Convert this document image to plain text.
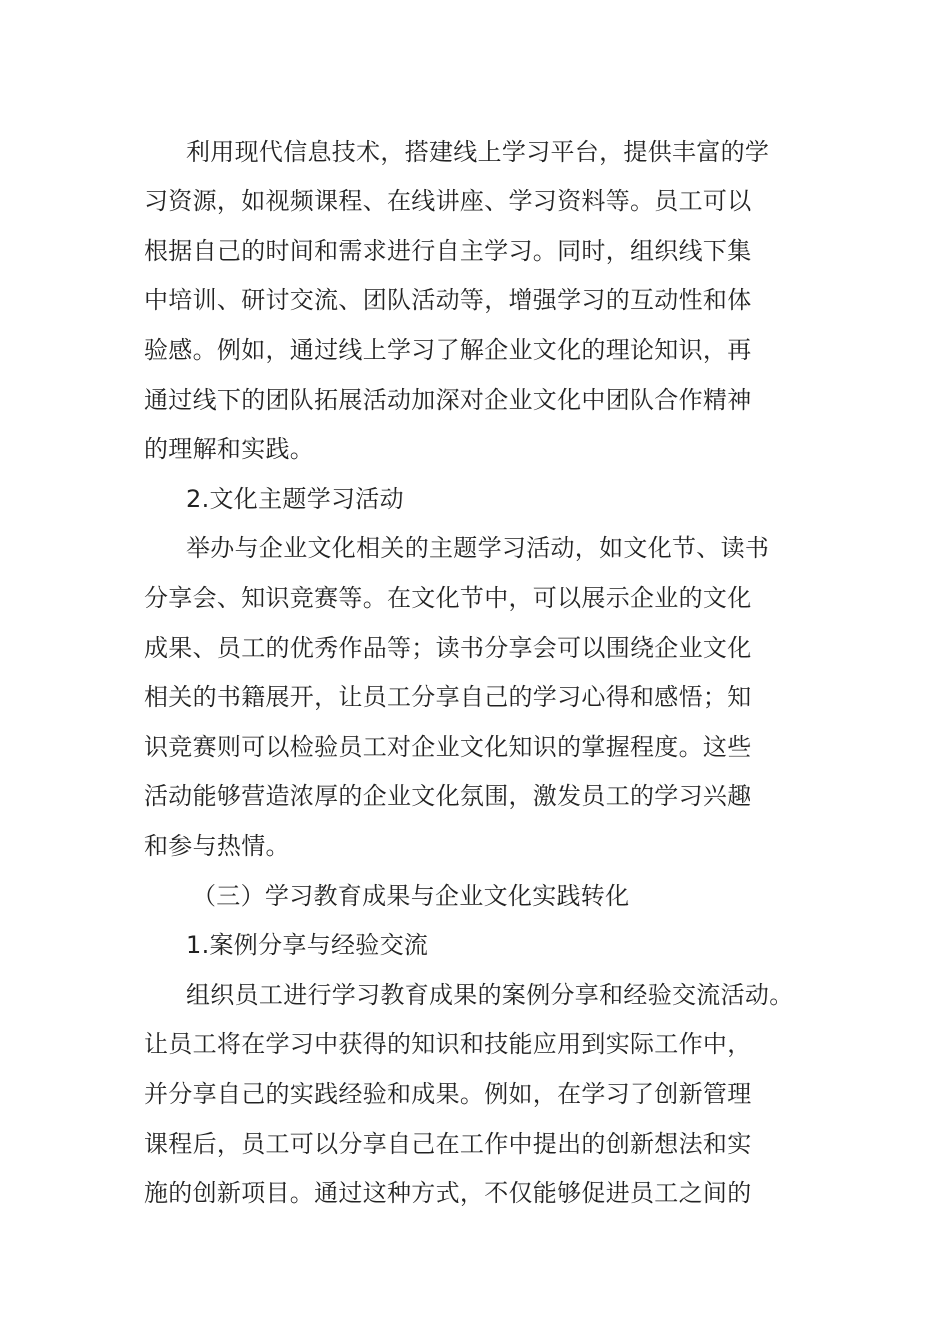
利用现代信息技术，搭建线上学习平台，提供丰富的学
习资源，如视频课程、在线讲座、学习资料等。员工可以
根据自己的时间和需求进行自主学习。同时，组织线下集
中培训、研讨交流、团队活动等，增强学习的互动性和体
验感。例如，通过线上学习了解企业文化的理论知识，再
通过线下的团队拓展活动加深对企业文化中团队合作精神
的理解和实践。
2.文化主题学习活动
举办与企业文化相关的主题学习活动，如文化节、读书
分享会、知识竞赛等。在文化节中，可以展示企业的文化
成果、员工的优秀作品等；读书分享会可以围绕企业文化
相关的书籍展开，让员工分享自己的学习心得和感悟；知
识竞赛则可以检验员工对企业文化知识的掌握程度。这些
活动能够营造浓厚的企业文化氛围，激发员工的学习兴趣
和参与热情。
（三）学习教育成果与企业文化实践转化
1.案例分享与经验交流
组织员工进行学习教育成果的案例分享和经验交流活动。
让员工将在学习中获得的知识和技能应用到实际工作中，
并分享自己的实践经验和成果。例如，在学习了创新管理
课程后，员工可以分享自己在工作中提出的创新想法和实
施的创新项目。通过这种方式，不仅能够促进员工之间的
